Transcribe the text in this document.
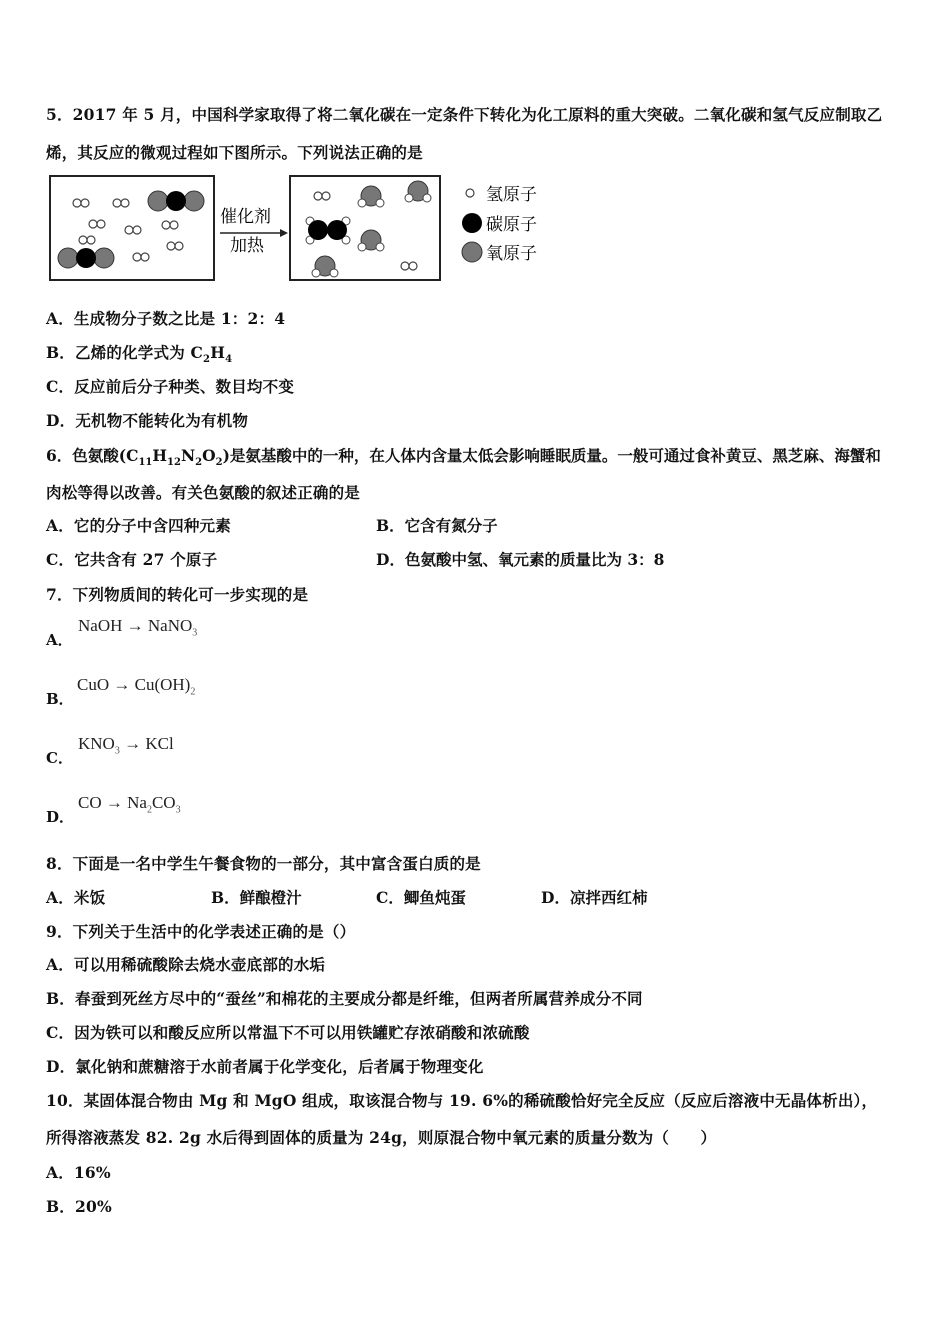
5．2017 年 5 月，中国科学家取得了将二氧化碳在一定条件下转化为化工原料的重大突破。二氧化碳和氢气反应制取乙
烯，其反应的微观过程如下图所示。下列说法正确的是
催化剂
加热
氢原子
碳原子
氧原子
A．生成物分子数之比是 1：2：4
B．乙烯的化学式为 $C_2H_4$
C．反应前后分子种类、数目均不变
D．无机物不能转化为有机物
6．色氨酸$(C_{11}H_{12}N_2O_2)$是氨基酸中的一种，在人体内含量太低会影响睡眠质量。一般可通过食补黄豆、黑芝麻、海蟹和
肉松等得以改善。有关色氨酸的叙述正确的是
A．它的分子中含四种元素	B．它含有氮分子
C．它共含有 27 个原子	D．色氨酸中氢、氧元素的质量比为 3：8
7．下列物质间的转化可一步实现的是
A．
NaOH → NaNO$_3$
B．
CuO → $Cu(OH)_2$
C．
$KNO_3$ → KCl
D．
CO → $Na_2CO_3$
8．下面是一名中学生午餐食物的一部分，其中富含蛋白质的是
A．米饭	B．鲜酿橙汁	C．鲫鱼炖蛋	D．凉拌西红柿
9．下列关于生活中的化学表述正确的是（）
A．可以用稀硫酸除去烧水壶底部的水垢
B．春蚕到死丝方尽中的“蚕丝”和棉花的主要成分都是纤维，但两者所属营养成分不同
C．因为铁可以和酸反应所以常温下不可以用铁罐贮存浓硝酸和浓硫酸
D．氯化钠和蔗糖溶于水前者属于化学变化，后者属于物理变化
10．某固体混合物由 Mg 和 MgO 组成，取该混合物与 19. 6%的稀硫酸恰好完全反应（反应后溶液中无晶体析出），
所得溶液蒸发 82. 2g 水后得到固体的质量为 24g，则原混合物中氧元素的质量分数为（　　）
A．16%
B．20%
